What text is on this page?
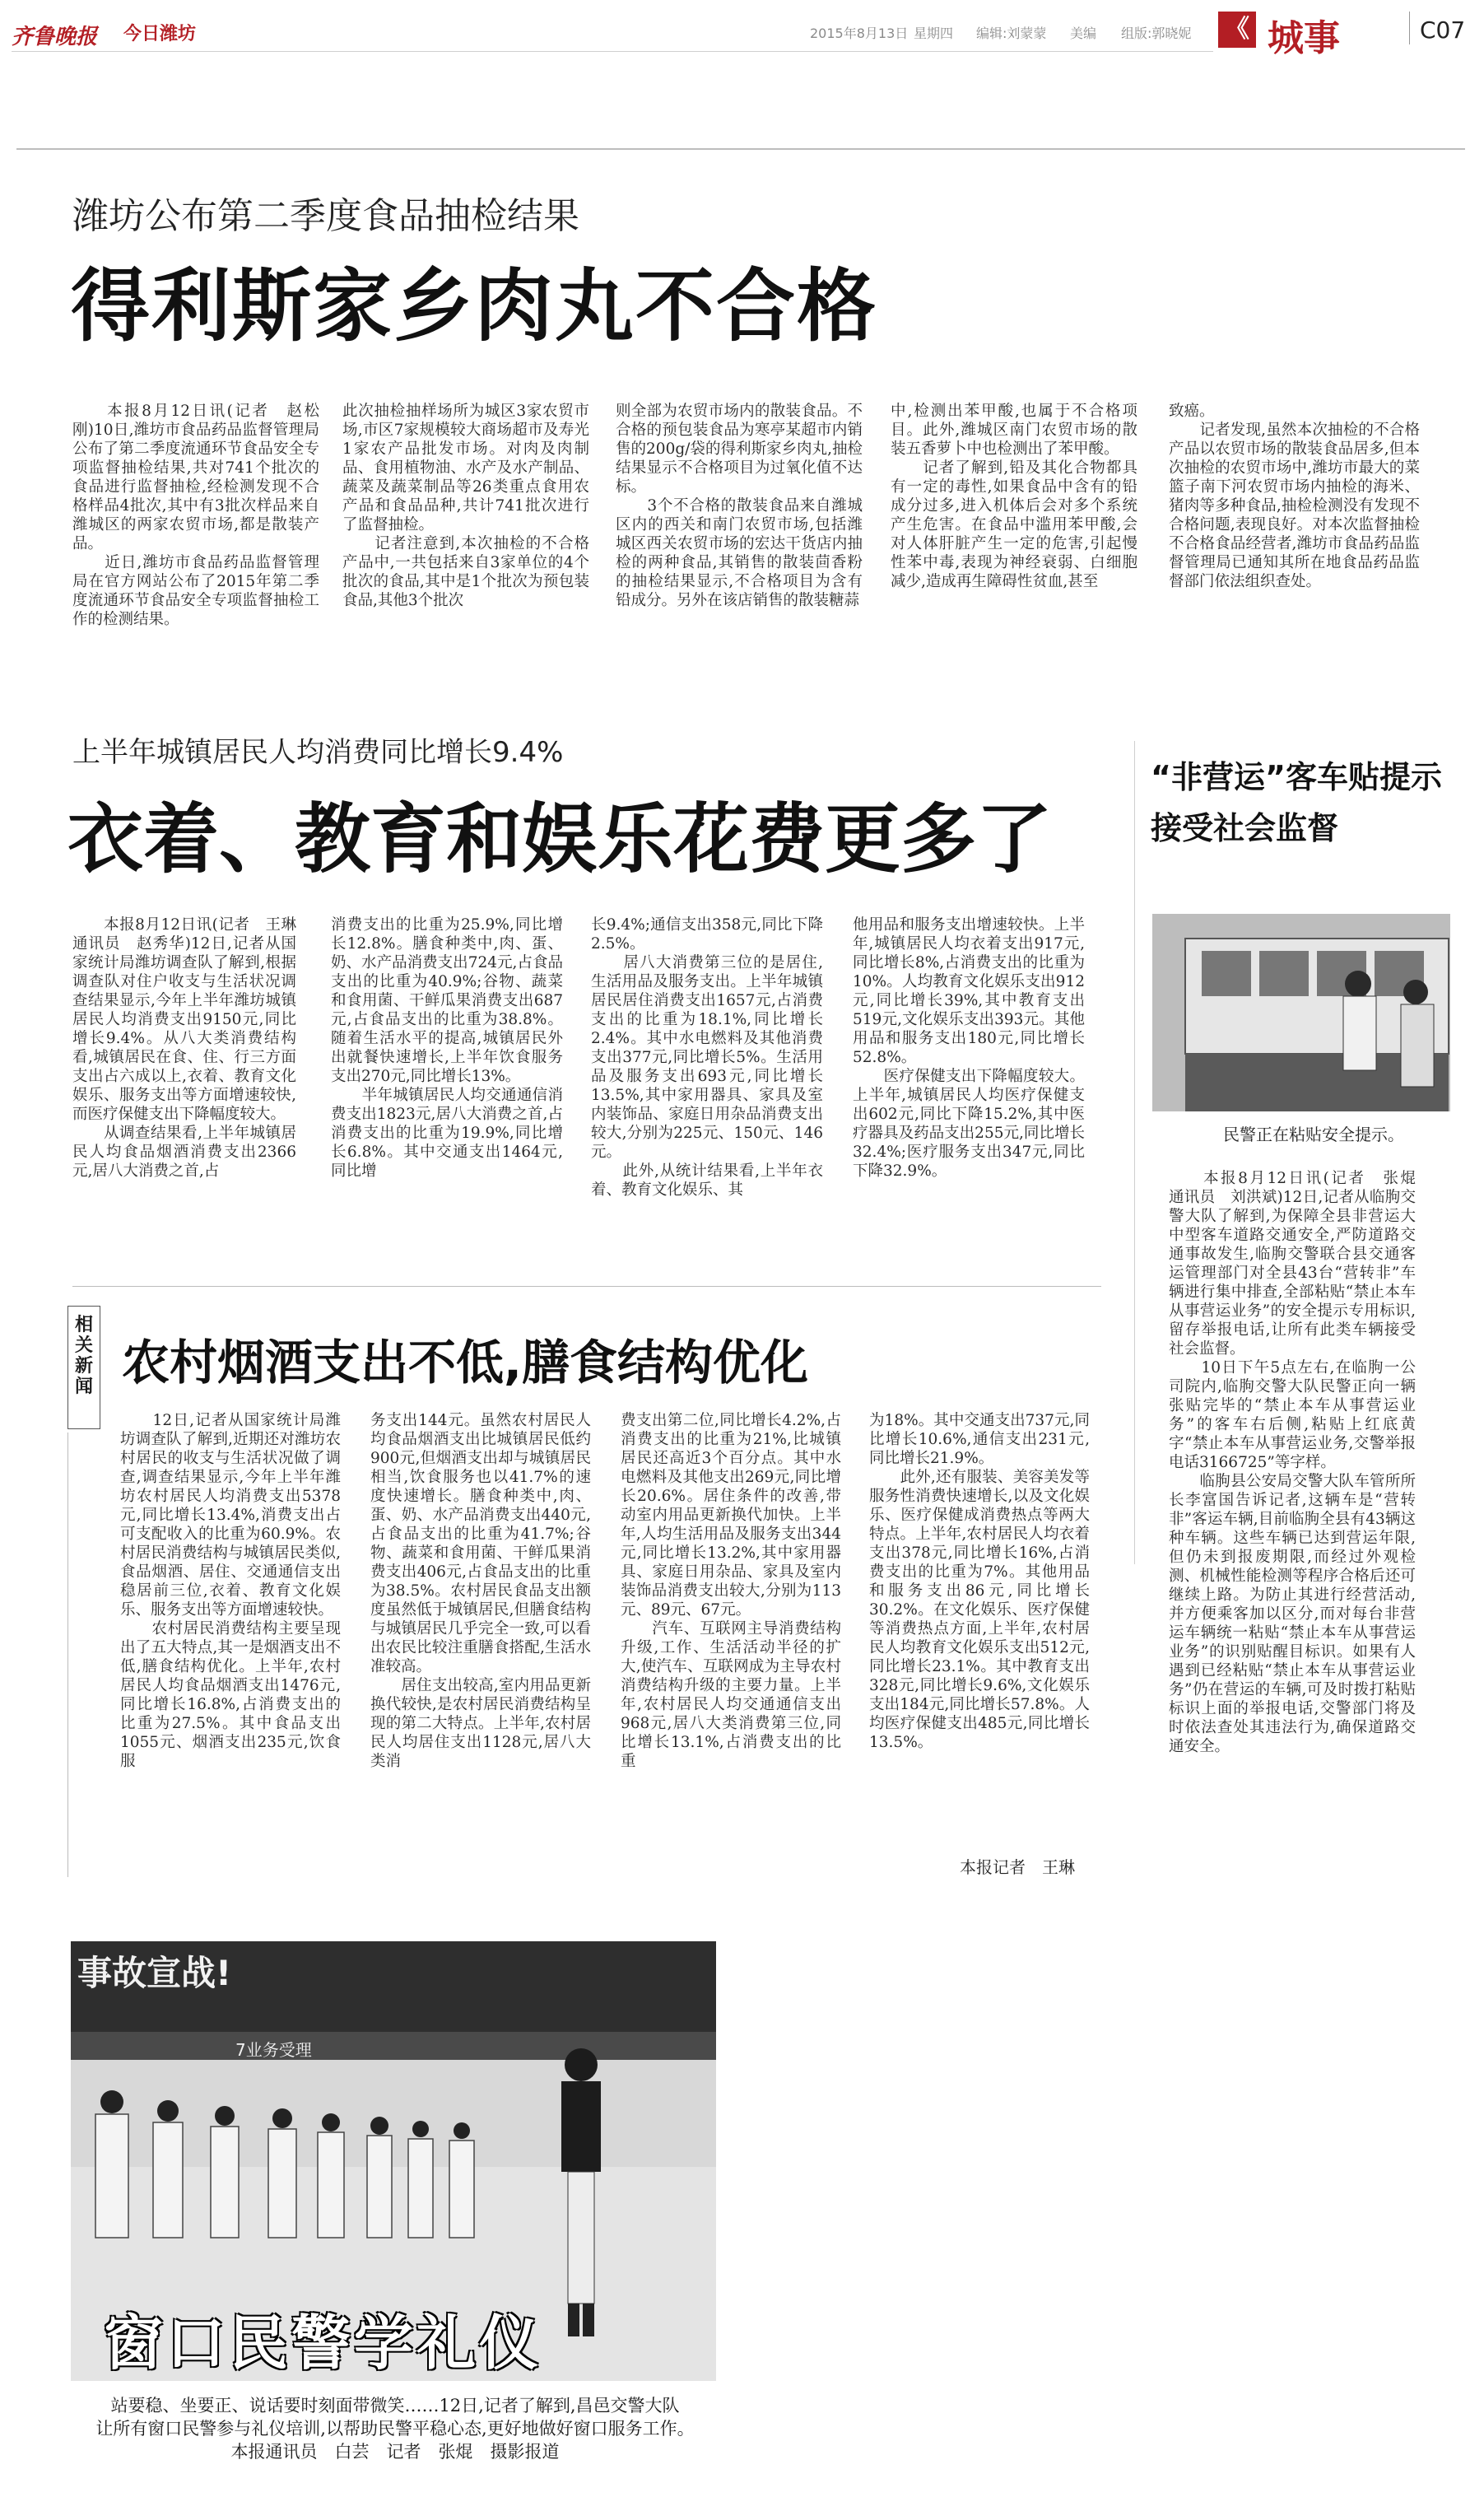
齐鲁晚报 今日潍坊	2015年8月13日 星期四 编辑:刘蒙蒙 美编 组版:郭晓妮 《 城事	C07
潍坊公布第二季度食品抽检结果
得利斯家乡肉丸不合格
　　本报8月12日讯(记者　赵松刚)10日,潍坊市食品药品监督管理局公布了第二季度流通环节食品安全专项监督抽检结果,共对741个批次的食品进行监督抽检,经检测发现不合格样品4批次,其中有3批次样品来自潍城区的两家农贸市场,都是散装产品。
　　近日,潍坊市食品药品监督管理局在官方网站公布了2015年第二季度流通环节食品安全专项监督抽检工作的检测结果。
此次抽检抽样场所为城区3家农贸市场,市区7家规模较大商场超市及寿光1家农产品批发市场。对肉及肉制品、食用植物油、水产及水产制品、蔬菜及蔬菜制品等26类重点食用农产品和食品品种,共计741批次进行了监督抽检。
　　记者注意到,本次抽检的不合格产品中,一共包括来自3家单位的4个批次的食品,其中是1个批次为预包装食品,其他3个批次
则全部为农贸市场内的散装食品。不合格的预包装食品为寒亭某超市内销售的200g/袋的得利斯家乡肉丸,抽检结果显示不合格项目为过氧化值不达标。
　　3个不合格的散装食品来自潍城区内的西关和南门农贸市场,包括潍城区西关农贸市场的宏达干货店内抽检的两种食品,其销售的散装茴香粉的抽检结果显示,不合格项目为含有铅成分。另外在该店销售的散装糖蒜
中,检测出苯甲酸,也属于不合格项目。此外,潍城区南门农贸市场的散装五香萝卜中也检测出了苯甲酸。
　　记者了解到,铅及其化合物都具有一定的毒性,如果食品中含有的铅成分过多,进入机体后会对多个系统产生危害。在食品中滥用苯甲酸,会对人体肝脏产生一定的危害,引起慢性苯中毒,表现为神经衰弱、白细胞减少,造成再生障碍性贫血,甚至
致癌。
　　记者发现,虽然本次抽检的不合格产品以农贸市场的散装食品居多,但本次抽检的农贸市场中,潍坊市最大的菜篮子南下河农贸市场内抽检的海米、猪肉等多种食品,抽检检测没有发现不合格问题,表现良好。对本次监督抽检不合格食品经营者,潍坊市食品药品监督管理局已通知其所在地食品药品监督部门依法组织查处。
上半年城镇居民人均消费同比增长9.4%
衣着、教育和娱乐花费更多了
　　本报8月12日讯(记者　王琳　通讯员　赵秀华)12日,记者从国家统计局潍坊调查队了解到,根据调查队对住户收支与生活状况调查结果显示,今年上半年潍坊城镇居民人均消费支出9150元,同比增长9.4%。从八大类消费结构看,城镇居民在食、住、行三方面支出占六成以上,衣着、教育文化娱乐、服务支出等方面增速较快,而医疗保健支出下降幅度较大。
　　从调查结果看,上半年城镇居民人均食品烟酒消费支出2366元,居八大消费之首,占
消费支出的比重为25.9%,同比增长12.8%。膳食种类中,肉、蛋、奶、水产品消费支出724元,占食品支出的比重为40.9%;谷物、蔬菜和食用菌、干鲜瓜果消费支出687元,占食品支出的比重为38.8%。随着生活水平的提高,城镇居民外出就餐快速增长,上半年饮食服务支出270元,同比增长13%。
　　半年城镇居民人均交通通信消费支出1823元,居八大消费之首,占消费支出的比重为19.9%,同比增长6.8%。其中交通支出1464元,同比增
长9.4%;通信支出358元,同比下降2.5%。
　　居八大消费第三位的是居住,生活用品及服务支出。上半年城镇居民居住消费支出1657元,占消费支出的比重为18.1%,同比增长2.4%。其中水电燃料及其他消费支出377元,同比增长5%。生活用品及服务支出693元,同比增长13.5%,其中家用器具、家具及室内装饰品、家庭日用杂品消费支出较大,分别为225元、150元、146元。
　　此外,从统计结果看,上半年衣着、教育文化娱乐、其
他用品和服务支出增速较快。上半年,城镇居民人均衣着支出917元,同比增长8%,占消费支出的比重为10%。人均教育文化娱乐支出912元,同比增长39%,其中教育支出519元,文化娱乐支出393元。其他用品和服务支出180元,同比增长52.8%。
　　医疗保健支出下降幅度较大。上半年,城镇居民人均医疗保健支出602元,同比下降15.2%,其中医疗器具及药品支出255元,同比增长32.4%;医疗服务支出347元,同比下降32.9%。
“非营运”客车贴提示
接受社会监督
民警正在粘贴安全提示。
　　本报8月12日讯(记者　张焜　通讯员　刘洪斌)12日,记者从临朐交警大队了解到,为保障全县非营运大中型客车道路交通安全,严防道路交通事故发生,临朐交警联合县交通客运管理部门对全县43台“营转非”车辆进行集中排查,全部粘贴“禁止本车从事营运业务”的安全提示专用标识,留存举报电话,让所有此类车辆接受社会监督。
　　10日下午5点左右,在临朐一公司院内,临朐交警大队民警正向一辆张贴完毕的“禁止本车从事营运业务”的客车右后侧,粘贴上红底黄字“禁止本车从事营运业务,交警举报电话3166725”等字样。
　　临朐县公安局交警大队车管所所长李富国告诉记者,这辆车是“营转非”客运车辆,目前临朐全县有43辆这种车辆。这些车辆已达到营运年限,但仍未到报废期限,而经过外观检测、机械性能检测等程序合格后还可继续上路。为防止其进行经营活动,并方便乘客加以区分,而对每台非营运车辆统一粘贴“禁止本车从事营运业务”的识别贴醒目标识。如果有人遇到已经粘贴“禁止本车从事营运业务”仍在营运的车辆,可及时拨打粘贴标识上面的举报电话,交警部门将及时依法查处其违法行为,确保道路交通安全。
相关新闻 农村烟酒支出不低,膳食结构优化
　　12日,记者从国家统计局潍坊调查队了解到,近期还对潍坊农村居民的收支与生活状况做了调查,调查结果显示,今年上半年潍坊农村居民人均消费支出5378元,同比增长13.4%,消费支出占可支配收入的比重为60.9%。农村居民消费结构与城镇居民类似,食品烟酒、居住、交通通信支出稳居前三位,衣着、教育文化娱乐、服务支出等方面增速较快。
　　农村居民消费结构主要呈现出了五大特点,其一是烟酒支出不低,膳食结构优化。上半年,农村居民人均食品烟酒支出1476元,同比增长16.8%,占消费支出的比重为27.5%。其中食品支出1055元、烟酒支出235元,饮食服
务支出144元。虽然农村居民人均食品烟酒支出比城镇居民低约900元,但烟酒支出却与城镇居民相当,饮食服务也以41.7%的速度快速增长。膳食种类中,肉、蛋、奶、水产品消费支出440元,占食品支出的比重为41.7%;谷物、蔬菜和食用菌、干鲜瓜果消费支出406元,占食品支出的比重为38.5%。农村居民食品支出额度虽然低于城镇居民,但膳食结构与城镇居民几乎完全一致,可以看出农民比较注重膳食搭配,生活水准较高。
　　居住支出较高,室内用品更新换代较快,是农村居民消费结构呈现的第二大特点。上半年,农村居民人均居住支出1128元,居八大类消
费支出第二位,同比增长4.2%,占消费支出的比重为21%,比城镇居民还高近3个百分点。其中水电燃料及其他支出269元,同比增长20.6%。居住条件的改善,带动室内用品更新换代加快。上半年,人均生活用品及服务支出344元,同比增长13.2%,其中家用器具、家庭日用杂品、家具及室内装饰品消费支出较大,分别为113元、89元、67元。
　　汽车、互联网主导消费结构升级,工作、生活活动半径的扩大,使汽车、互联网成为主导农村消费结构升级的主要力量。上半年,农村居民人均交通通信支出968元,居八大类消费第三位,同比增长13.1%,占消费支出的比重
为18%。其中交通支出737元,同比增长10.6%,通信支出231元,同比增长21.9%。
　　此外,还有服装、美容美发等服务性消费快速增长,以及文化娱乐、医疗保健成消费热点等两大特点。上半年,农村居民人均衣着支出378元,同比增长16%,占消费支出的比重为7%。其他用品和服务支出86元,同比增长30.2%。在文化娱乐、医疗保健等消费热点方面,上半年,农村居民人均教育文化娱乐支出512元,同比增长23.1%。其中教育支出328元,同比增长9.6%,文化娱乐支出184元,同比增长57.8%。人均医疗保健支出485元,同比增长13.5%。
本报记者　王琳
事故宣战!
7业务受理
窗口民警学礼仪
站要稳、坐要正、说话要时刻面带微笑……12日,记者了解到,昌邑交警大队
让所有窗口民警参与礼仪培训,以帮助民警平稳心态,更好地做好窗口服务工作。
本报通讯员　白芸　记者　张焜　摄影报道
